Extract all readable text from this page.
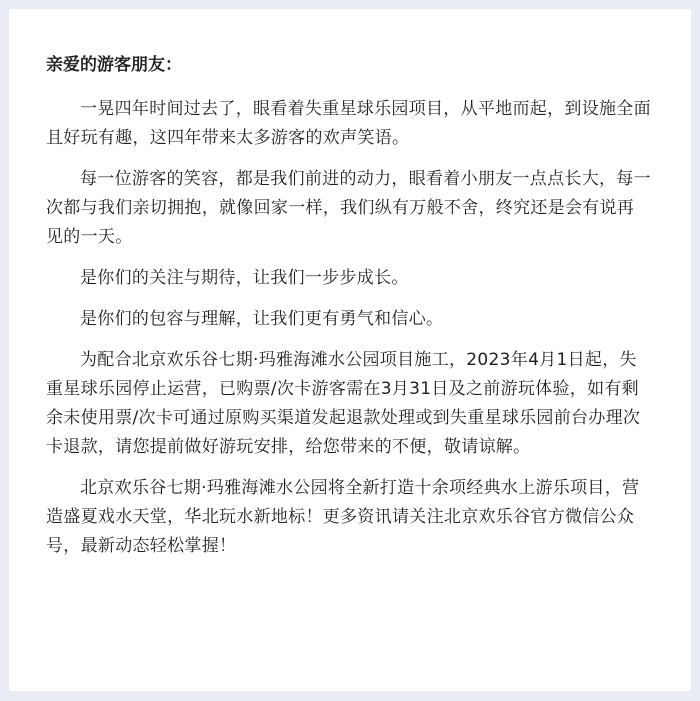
亲爱的游客朋友：

一晃四年时间过去了，眼看着失重星球乐园项目，从平地而起，到设施全面且好玩有趣，这四年带来太多游客的欢声笑语。

每一位游客的笑容，都是我们前进的动力，眼看着小朋友一点点长大，每一次都与我们亲切拥抱，就像回家一样，我们纵有万般不舍，终究还是会有说再见的一天。

是你们的关注与期待，让我们一步步成长。

是你们的包容与理解，让我们更有勇气和信心。

为配合北京欢乐谷七期·玛雅海滩水公园项目施工，2023年4月1日起，失重星球乐园停止运营，已购票/次卡游客需在3月31日及之前游玩体验，如有剩余未使用票/次卡可通过原购买渠道发起退款处理或到失重星球乐园前台办理次卡退款，请您提前做好游玩安排，给您带来的不便，敬请谅解。

北京欢乐谷七期·玛雅海滩水公园将全新打造十余项经典水上游乐项目，营造盛夏戏水天堂，华北玩水新地标！更多资讯请关注北京欢乐谷官方微信公众号，最新动态轻松掌握！
